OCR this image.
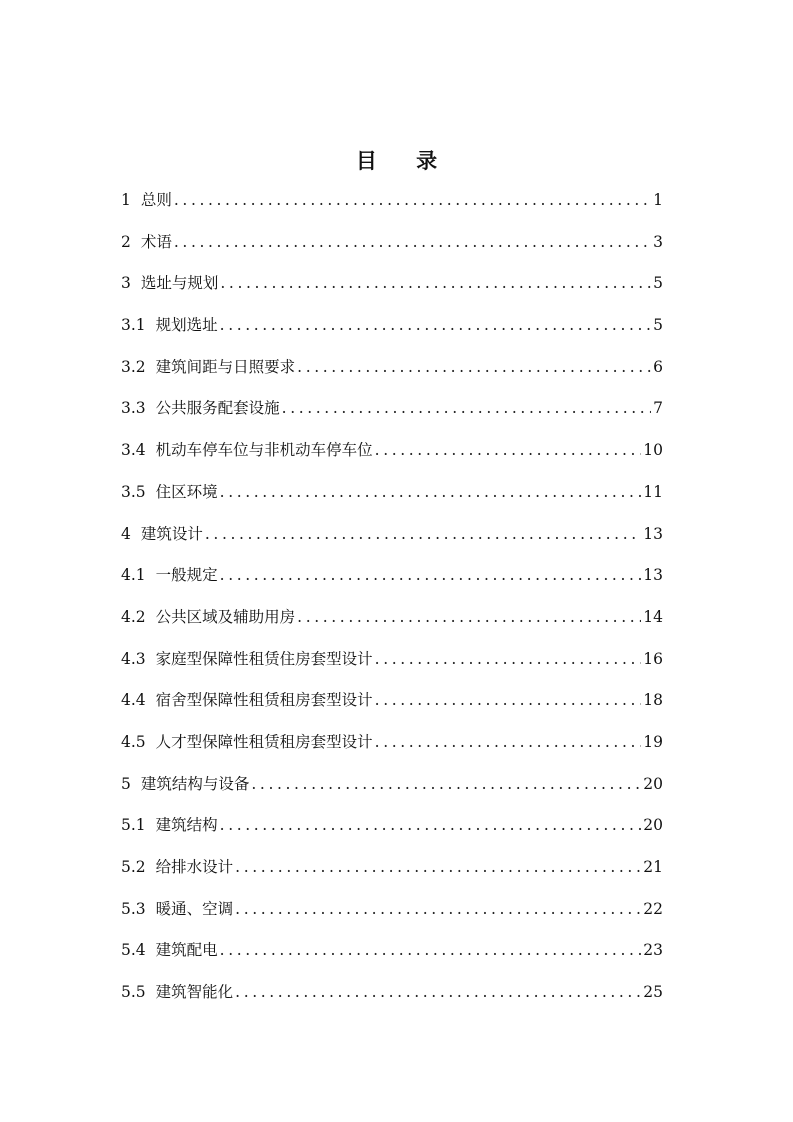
目 录
1 总则 .....	1
2 术语 .....	3
3 选址与规划 .....	5
3.1 规划选址 .....	5
3.2 建筑间距与日照要求 .....	6
3.3 公共服务配套设施 .....	7
3.4 机动车停车位与非机动车停车位 .....	10
3.5 住区环境 .....	11
4 建筑设计 .....	13
4.1 一般规定 .....	13
4.2 公共区域及辅助用房 .....	14
4.3 家庭型保障性租赁住房套型设计 .....	16
4.4 宿舍型保障性租赁租房套型设计 .....	18
4.5 人才型保障性租赁租房套型设计 .....	19
5 建筑结构与设备 .....	20
5.1 建筑结构 .....	20
5.2 给排水设计 .....	21
5.3 暖通、空调 .....	22
5.4 建筑配电 .....	23
5.5 建筑智能化 .....	25
